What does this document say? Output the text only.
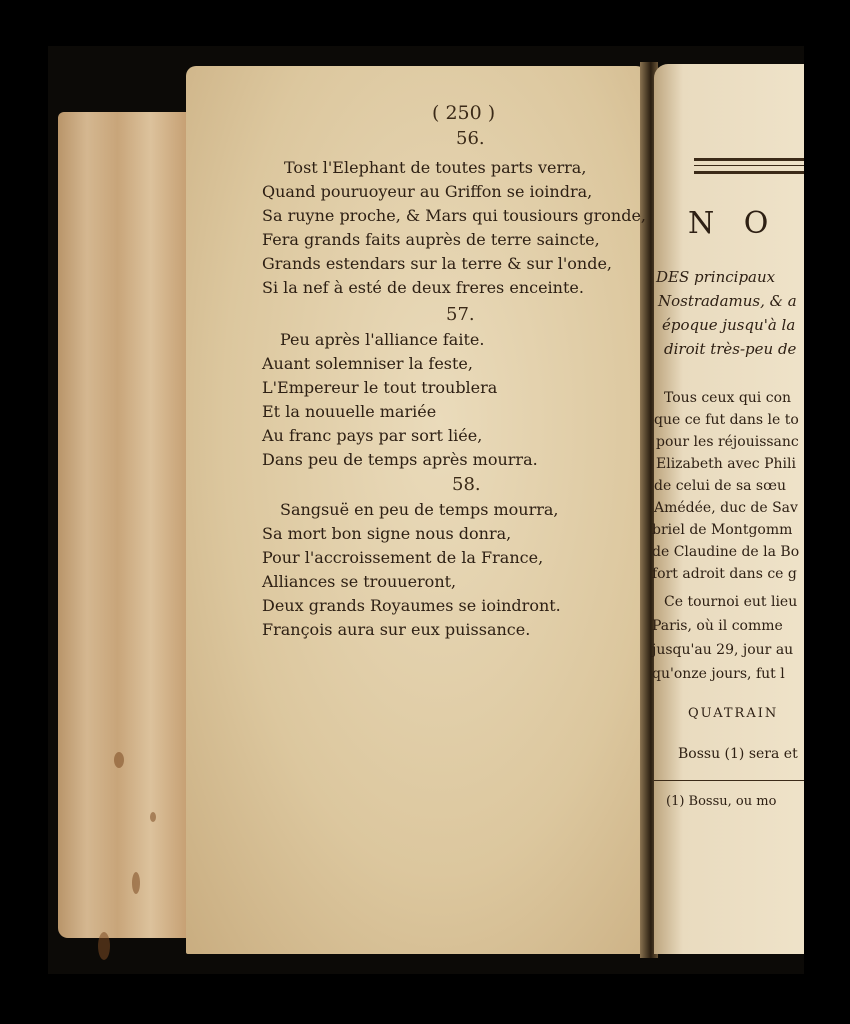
( 250 )
56.
Tost l'Elephant de toutes parts verra,
Quand pouruoyeur au Griffon se ioindra,
Sa ruyne proche, & Mars qui tousiours gronde,
Fera grands faits auprès de terre saincte,
Grands estendars sur la terre & sur l'onde,
Si la nef à esté de deux freres enceinte.
57.
Peu après l'alliance faite.
Auant solemniser la feste,
L'Empereur le tout troublera
Et la nouuelle mariée
Au franc pays par sort liée,
Dans peu de temps après mourra.
58.
Sangsuë en peu de temps mourra,
Sa mort bon signe nous donra,
Pour l'accroissement de la France,
Alliances se trouueront,
Deux grands Royaumes se ioindront.
François aura sur eux puissance.
N O
DES principaux
Nostradamus, & a
époque jusqu'à la
diroit très-peu de
Tous ceux qui con
que ce fut dans le to
pour les réjouissanc
Elizabeth avec Phili
de celui de sa sœu
Amédée, duc de Sav
briel de Montgomm
de Claudine de la Bo
fort adroit dans ce g
Ce tournoi eut lieu
Paris, où il comme
jusqu'au 29, jour au
qu'onze jours, fut l
QUATRAIN
Bossu (1) sera et
(1) Bossu, ou mo
